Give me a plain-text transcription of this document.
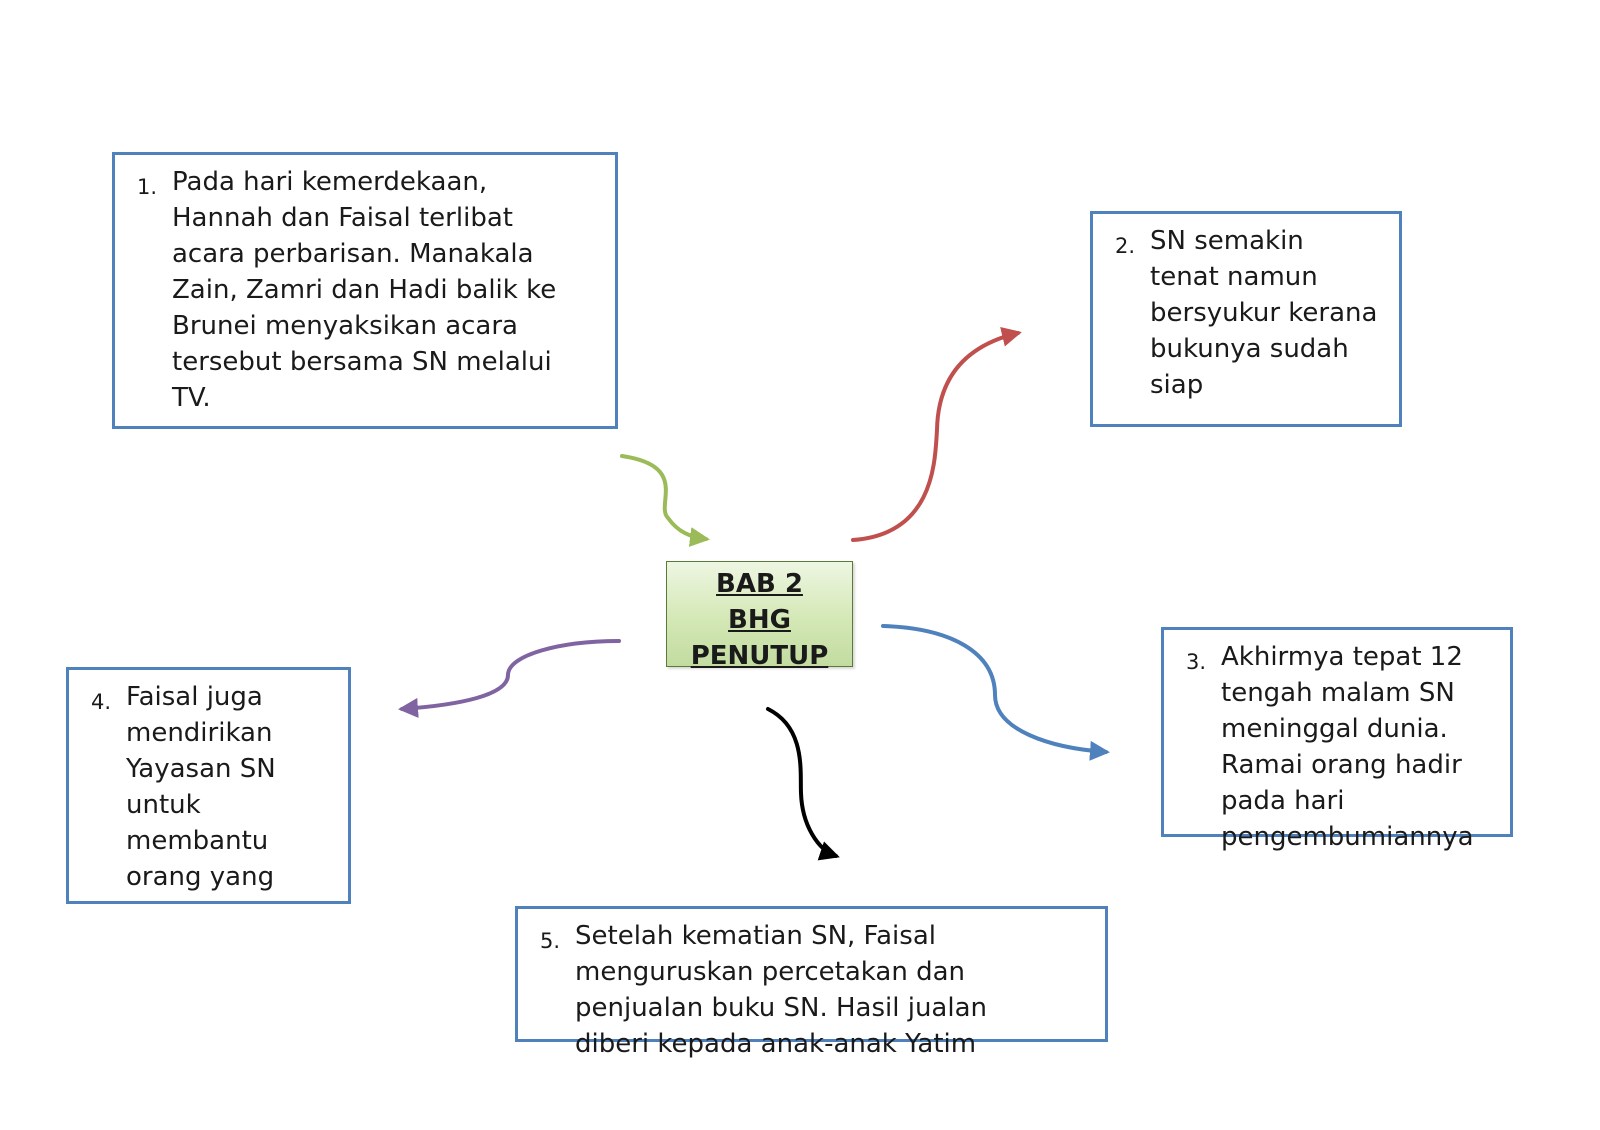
BAB 2
BHG
PENUTUP
1. Pada hari kemerdekaan,
Hannah dan Faisal terlibat
acara perbarisan. Manakala
Zain, Zamri dan Hadi balik ke
Brunei menyaksikan acara
tersebut bersama SN melalui
TV.
2. SN semakin
tenat namun
bersyukur kerana
bukunya sudah
siap
3. Akhirmya tepat 12
tengah malam SN
meninggal dunia.
Ramai orang hadir
pada hari
pengembumiannya
4. Faisal juga
mendirikan
Yayasan SN
untuk
membantu
orang yang
5. Setelah kematian SN, Faisal
menguruskan percetakan dan
penjualan buku SN. Hasil jualan
diberi kepada anak-anak Yatim
